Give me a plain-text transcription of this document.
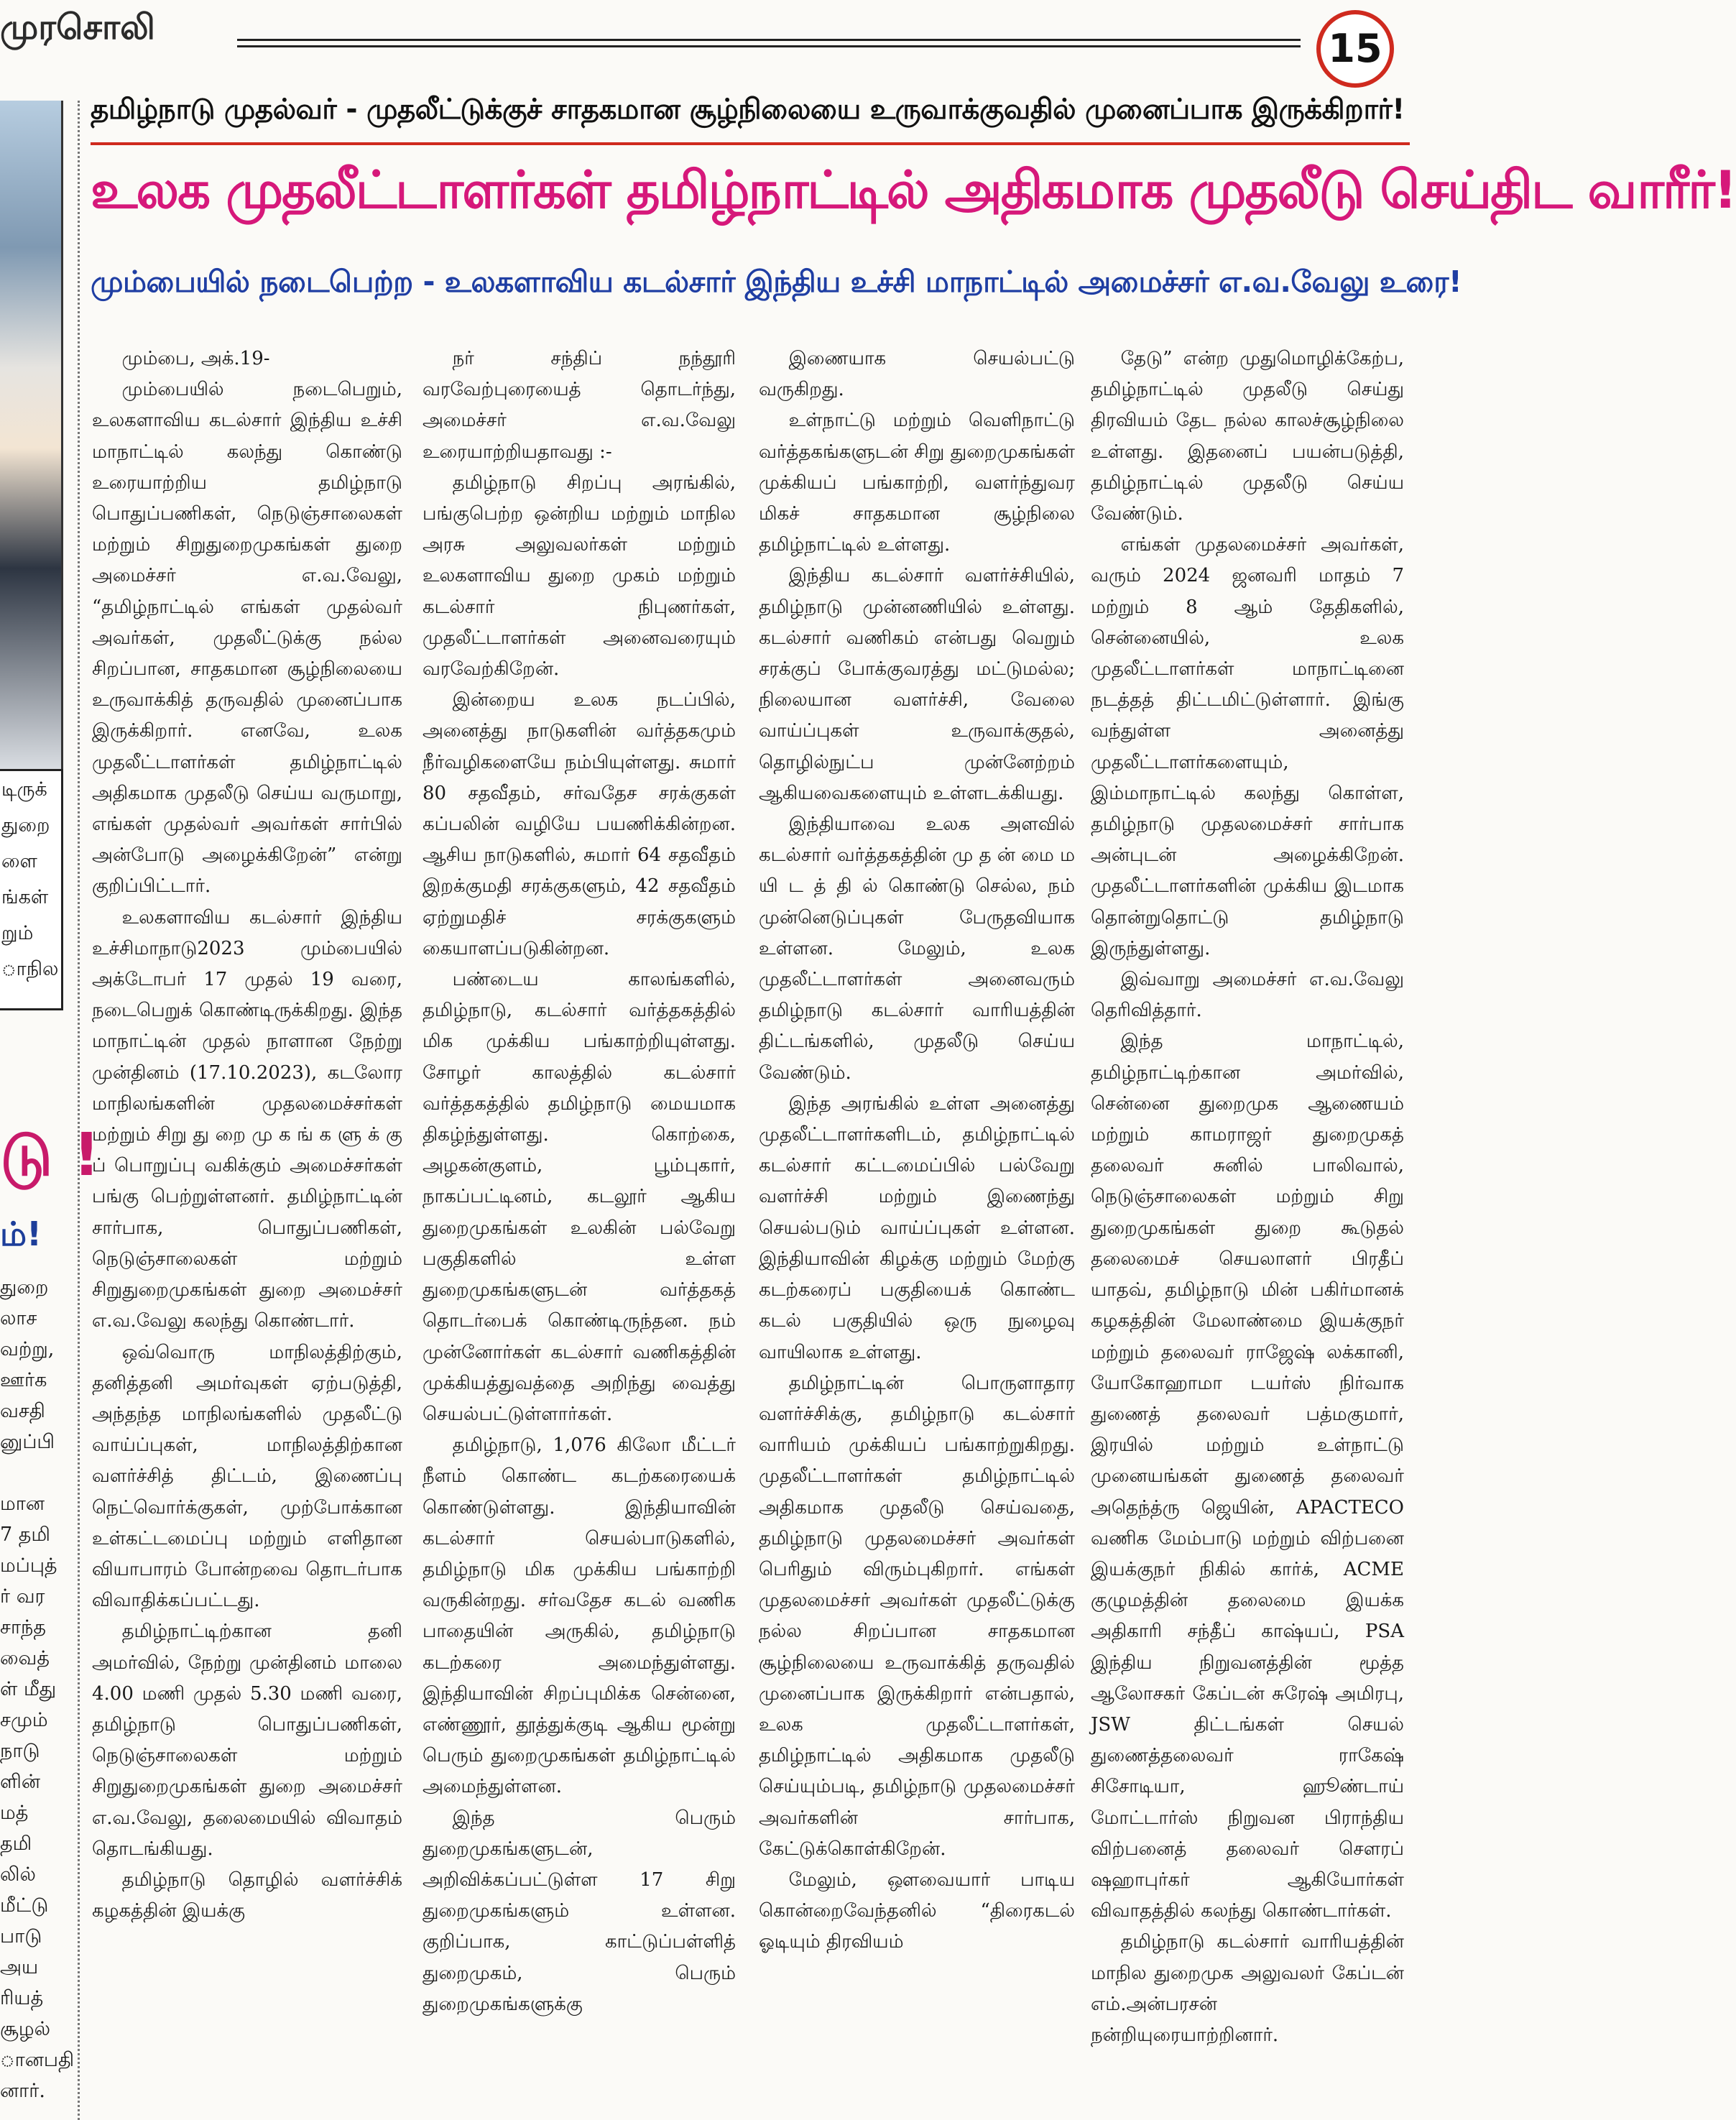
முரசொலி	15
டிருக்
துறை
ளை
ங்கள்
றும்
ாநில
டு !
ம்!
துறை
லாச
வற்று,
ஊர்க
வசதி
னுப்பி

மான
7 தமி
மப்புத்
ர் வர
சாந்த
வைத்
ள் மீது
சமும்
நாடு
ளின்
மத்
தமி
லில்
மீட்டு
பாடு
அய
ரியத்
சூழல்
ானபதி
னார்.
தமிழ்நாடு முதல்வர் - முதலீட்டுக்குச் சாதகமான சூழ்நிலையை உருவாக்குவதில் முனைப்பாக இருக்கிறார்!
உலக முதலீட்டாளர்கள் தமிழ்நாட்டில் அதிகமாக முதலீடு செய்திட வாரீர்!
மும்பையில் நடைபெற்ற - உலகளாவிய கடல்சார் இந்திய உச்சி மாநாட்டில் அமைச்சர் எ.வ.வேலு உரை!

மும்பை, அக்.19-

மும்பையில் நடைபெறும், உலகளாவிய கடல்சார் இந்திய உச்சி மாநாட்டில் கலந்து கொண்டு உரையாற்றிய தமிழ்நாடு பொதுப்பணிகள், நெடுஞ்சாலைகள் மற்றும் சிறுதுறைமுகங்கள் துறை அமைச்சர் எ.வ.வேலு, “தமிழ்நாட்டில் எங்கள் முதல்வர் அவர்கள், முதலீட்டுக்கு நல்ல சிறப்பான, சாதகமான சூழ்நிலையை உருவாக்கித் தருவதில் முனைப்பாக இருக்கிறார். எனவே, உலக முதலீட்டாளர்கள் தமிழ்நாட்டில் அதிகமாக முதலீடு செய்ய வருமாறு, எங்கள் முதல்வர் அவர்கள் சார்பில் அன்போடு அழைக்கிறேன்” என்று குறிப்பிட்டார்.

உலகளாவிய கடல்சார் இந்திய உச்சிமாநாடு2023 மும்பையில் அக்டோபர் 17 முதல் 19 வரை, நடைபெறுக் கொண்டிருக்கிறது. இந்த மாநாட்டின் முதல் நாளான நேற்று முன்தினம் (17.10.2023), கடலோர மாநிலங்களின் முதலமைச்சர்கள் மற்றும் சிறு து றை மு க ங் க ளு க் கு ப் பொறுப்பு வகிக்கும் அமைச்சர்கள் பங்கு பெற்றுள்ளனர். தமிழ்நாட்டின் சார்பாக, பொதுப்பணிகள், நெடுஞ்சாலைகள் மற்றும் சிறுதுறைமுகங்கள் துறை அமைச்சர் எ.வ.வேலு கலந்து கொண்டார்.

ஒவ்வொரு மாநிலத்திற்கும், தனித்தனி அமர்வுகள் ஏற்படுத்தி, அந்தந்த மாநிலங்களில் முதலீட்டு வாய்ப்புகள், மாநிலத்திற்கான வளர்ச்சித் திட்டம், இணைப்பு நெட்வொர்க்குகள், முற்போக்கான உள்கட்டமைப்பு மற்றும் எளிதான வியாபாரம் போன்றவை தொடர்பாக விவாதிக்கப்பட்டது.

தமிழ்நாட்டிற்கான தனி அமர்வில், நேற்று முன்தினம் மாலை 4.00 மணி முதல் 5.30 மணி வரை, தமிழ்நாடு பொதுப்பணிகள், நெடுஞ்சாலைகள் மற்றும் சிறுதுறைமுகங்கள் துறை அமைச்சர் எ.வ.வேலு, தலைமையில் விவாதம் தொடங்கியது.

தமிழ்நாடு தொழில் வளர்ச்சிக் கழகத்தின் இயக்கு

நர் சந்திப் நந்தூரி வரவேற்புரையைத் தொடர்ந்து, அமைச்சர் எ.வ.வேலு உரையாற்றியதாவது :-

தமிழ்நாடு சிறப்பு அரங்கில், பங்குபெற்ற ஒன்றிய மற்றும் மாநில அரசு அலுவலர்கள் மற்றும் உலகளாவிய துறை முகம் மற்றும் கடல்சார் நிபுணர்கள், முதலீட்டாளர்கள் அனைவரையும் வரவேற்கிறேன்.

இன்றைய உலக நடப்பில், அனைத்து நாடுகளின் வர்த்தகமும் நீர்வழிகளையே நம்பியுள்ளது. சுமார் 80 சதவீதம், சர்வதேச சரக்குகள் கப்பலின் வழியே பயணிக்கின்றன. ஆசிய நாடுகளில், சுமார் 64 சதவீதம் இறக்குமதி சரக்குகளும், 42 சதவீதம் ஏற்றுமதிச் சரக்குகளும் கையாளப்படுகின்றன.

பண்டைய காலங்களில், தமிழ்நாடு, கடல்சார் வர்த்தகத்தில் மிக முக்கிய பங்காற்றியுள்ளது. சோழர் காலத்தில் கடல்சார் வர்த்தகத்தில் தமிழ்நாடு மையமாக திகழ்ந்துள்ளது. கொற்கை, அழகன்குளம், பூம்புகார், நாகப்பட்டினம், கடலூர் ஆகிய துறைமுகங்கள் உலகின் பல்வேறு பகுதிகளில் உள்ள துறைமுகங்களுடன் வர்த்தகத் தொடர்பைக் கொண்டிருந்தன. நம் முன்னோர்கள் கடல்சார் வணிகத்தின் முக்கியத்துவத்தை அறிந்து வைத்து செயல்பட்டுள்ளார்கள்.

தமிழ்நாடு, 1,076 கிலோ மீட்டர் நீளம் கொண்ட கடற்கரையைக் கொண்டுள்ளது. இந்தியாவின் கடல்சார் செயல்பாடுகளில், தமிழ்நாடு மிக முக்கிய பங்காற்றி வருகின்றது. சர்வதேச கடல் வணிக பாதையின் அருகில், தமிழ்நாடு கடற்கரை அமைந்துள்ளது. இந்தியாவின் சிறப்புமிக்க சென்னை, எண்ணூர், தூத்துக்குடி ஆகிய மூன்று பெரும் துறைமுகங்கள் தமிழ்நாட்டில் அமைந்துள்ளன.

இந்த பெரும் துறைமுகங்களுடன், அறிவிக்கப்பட்டுள்ள 17 சிறு துறைமுகங்களும் உள்ளன. குறிப்பாக, காட்டுப்பள்ளித் துறைமுகம், பெரும் துறைமுகங்களுக்கு

இணையாக செயல்பட்டு வருகிறது.

உள்நாட்டு மற்றும் வெளிநாட்டு வர்த்தகங்களுடன் சிறு துறைமுகங்கள் முக்கியப் பங்காற்றி, வளர்ந்துவர மிகச் சாதகமான சூழ்நிலை தமிழ்நாட்டில் உள்ளது.

இந்திய கடல்சார் வளர்ச்சியில், தமிழ்நாடு முன்னணியில் உள்ளது. கடல்சார் வணிகம் என்பது வெறும் சரக்குப் போக்குவரத்து மட்டுமல்ல; நிலையான வளர்ச்சி, வேலை வாய்ப்புகள் உருவாக்குதல், தொழில்நுட்ப முன்னேற்றம் ஆகியவைகளையும் உள்ளடக்கியது.

இந்தியாவை உலக அளவில் கடல்சார் வர்த்தகத்தின் மு த ன் மை ம யி ட த் தி ல் கொண்டு செல்ல, நம் முன்னெடுப்புகள் பேருதவியாக உள்ளன. மேலும், உலக முதலீட்டாளர்கள் அனைவரும் தமிழ்நாடு கடல்சார் வாரியத்தின் திட்டங்களில், முதலீடு செய்ய வேண்டும்.

இந்த அரங்கில் உள்ள அனைத்து முதலீட்டாளர்களிடம், தமிழ்நாட்டில் கடல்சார் கட்டமைப்பில் பல்வேறு வளர்ச்சி மற்றும் இணைந்து செயல்படும் வாய்ப்புகள் உள்ளன. இந்தியாவின் கிழக்கு மற்றும் மேற்கு கடற்கரைப் பகுதியைக் கொண்ட கடல் பகுதியில் ஒரு நுழைவு வாயிலாக உள்ளது.

தமிழ்நாட்டின் பொருளாதார வளர்ச்சிக்கு, தமிழ்நாடு கடல்சார் வாரியம் முக்கியப் பங்காற்றுகிறது. முதலீட்டாளர்கள் தமிழ்நாட்டில் அதிகமாக முதலீடு செய்வதை, தமிழ்நாடு முதலமைச்சர் அவர்கள் பெரிதும் விரும்புகிறார். எங்கள் முதலமைச்சர் அவர்கள் முதலீட்டுக்கு நல்ல சிறப்பான சாதகமான சூழ்நிலையை உருவாக்கித் தருவதில் முனைப்பாக இருக்கிறார் என்பதால், உலக முதலீட்டாளர்கள், தமிழ்நாட்டில் அதிகமாக முதலீடு செய்யும்படி, தமிழ்நாடு முதலமைச்சர் அவர்களின் சார்பாக, கேட்டுக்கொள்கிறேன்.

மேலும், ஔவையார் பாடிய கொன்றைவேந்தனில் “திரைகடல் ஓடியும் திரவியம்

தேடு” என்ற முதுமொழிக்கேற்ப, தமிழ்நாட்டில் முதலீடு செய்து திரவியம் தேட நல்ல காலச்சூழ்நிலை உள்ளது. இதனைப் பயன்படுத்தி, தமிழ்நாட்டில் முதலீடு செய்ய வேண்டும்.

எங்கள் முதலமைச்சர் அவர்கள், வரும் 2024 ஜனவரி மாதம் 7 மற்றும் 8 ஆம் தேதிகளில், சென்னையில், உலக முதலீட்டாளர்கள் மாநாட்டினை நடத்தத் திட்டமிட்டுள்ளார். இங்கு வந்துள்ள அனைத்து முதலீட்டாளர்களையும், இம்மாநாட்டில் கலந்து கொள்ள, தமிழ்நாடு முதலமைச்சர் சார்பாக அன்புடன் அழைக்கிறேன். முதலீட்டாளர்களின் முக்கிய இடமாக தொன்றுதொட்டு தமிழ்நாடு இருந்துள்ளது.

இவ்வாறு அமைச்சர் எ.வ.வேலு தெரிவித்தார்.

இந்த மாநாட்டில், தமிழ்நாட்டிற்கான அமர்வில், சென்னை துறைமுக ஆணையம் மற்றும் காமராஜர் துறைமுகத் தலைவர் சுனில் பாலிவால், நெடுஞ்சாலைகள் மற்றும் சிறு துறைமுகங்கள் துறை கூடுதல் தலைமைச் செயலாளர் பிரதீப் யாதவ், தமிழ்நாடு மின் பகிர்மானக் கழகத்தின் மேலாண்மை இயக்குநர் மற்றும் தலைவர் ராஜேஷ் லக்கானி, யோகோஹாமா டயர்ஸ் நிர்வாக துணைத் தலைவர் பத்மகுமார், இரயில் மற்றும் உள்நாட்டு முனையங்கள் துணைத் தலைவர் அதெந்த்ரு ஜெயின், APACTECO வணிக மேம்பாடு மற்றும் விற்பனை இயக்குநர் நிகில் கார்க், ACME குழுமத்தின் தலைமை இயக்க அதிகாரி சந்தீப் காஷ்யப், PSA இந்திய நிறுவனத்தின் மூத்த ஆலோசகர் கேப்டன் சுரேஷ் அமிரபு, JSW திட்டங்கள் செயல் துணைத்தலைவர் ராகேஷ் சிசோடியா, ஹூண்டாய் மோட்டார்ஸ் நிறுவன பிராந்திய விற்பனைத் தலைவர் சௌரப் ஷஹாபுர்கர் ஆகியோர்கள் விவாதத்தில் கலந்து கொண்டார்கள்.

தமிழ்நாடு கடல்சார் வாரியத்தின் மாநில துறைமுக அலுவலர் கேப்டன் எம்.அன்பரசன் நன்றியுரையாற்றினார்.
